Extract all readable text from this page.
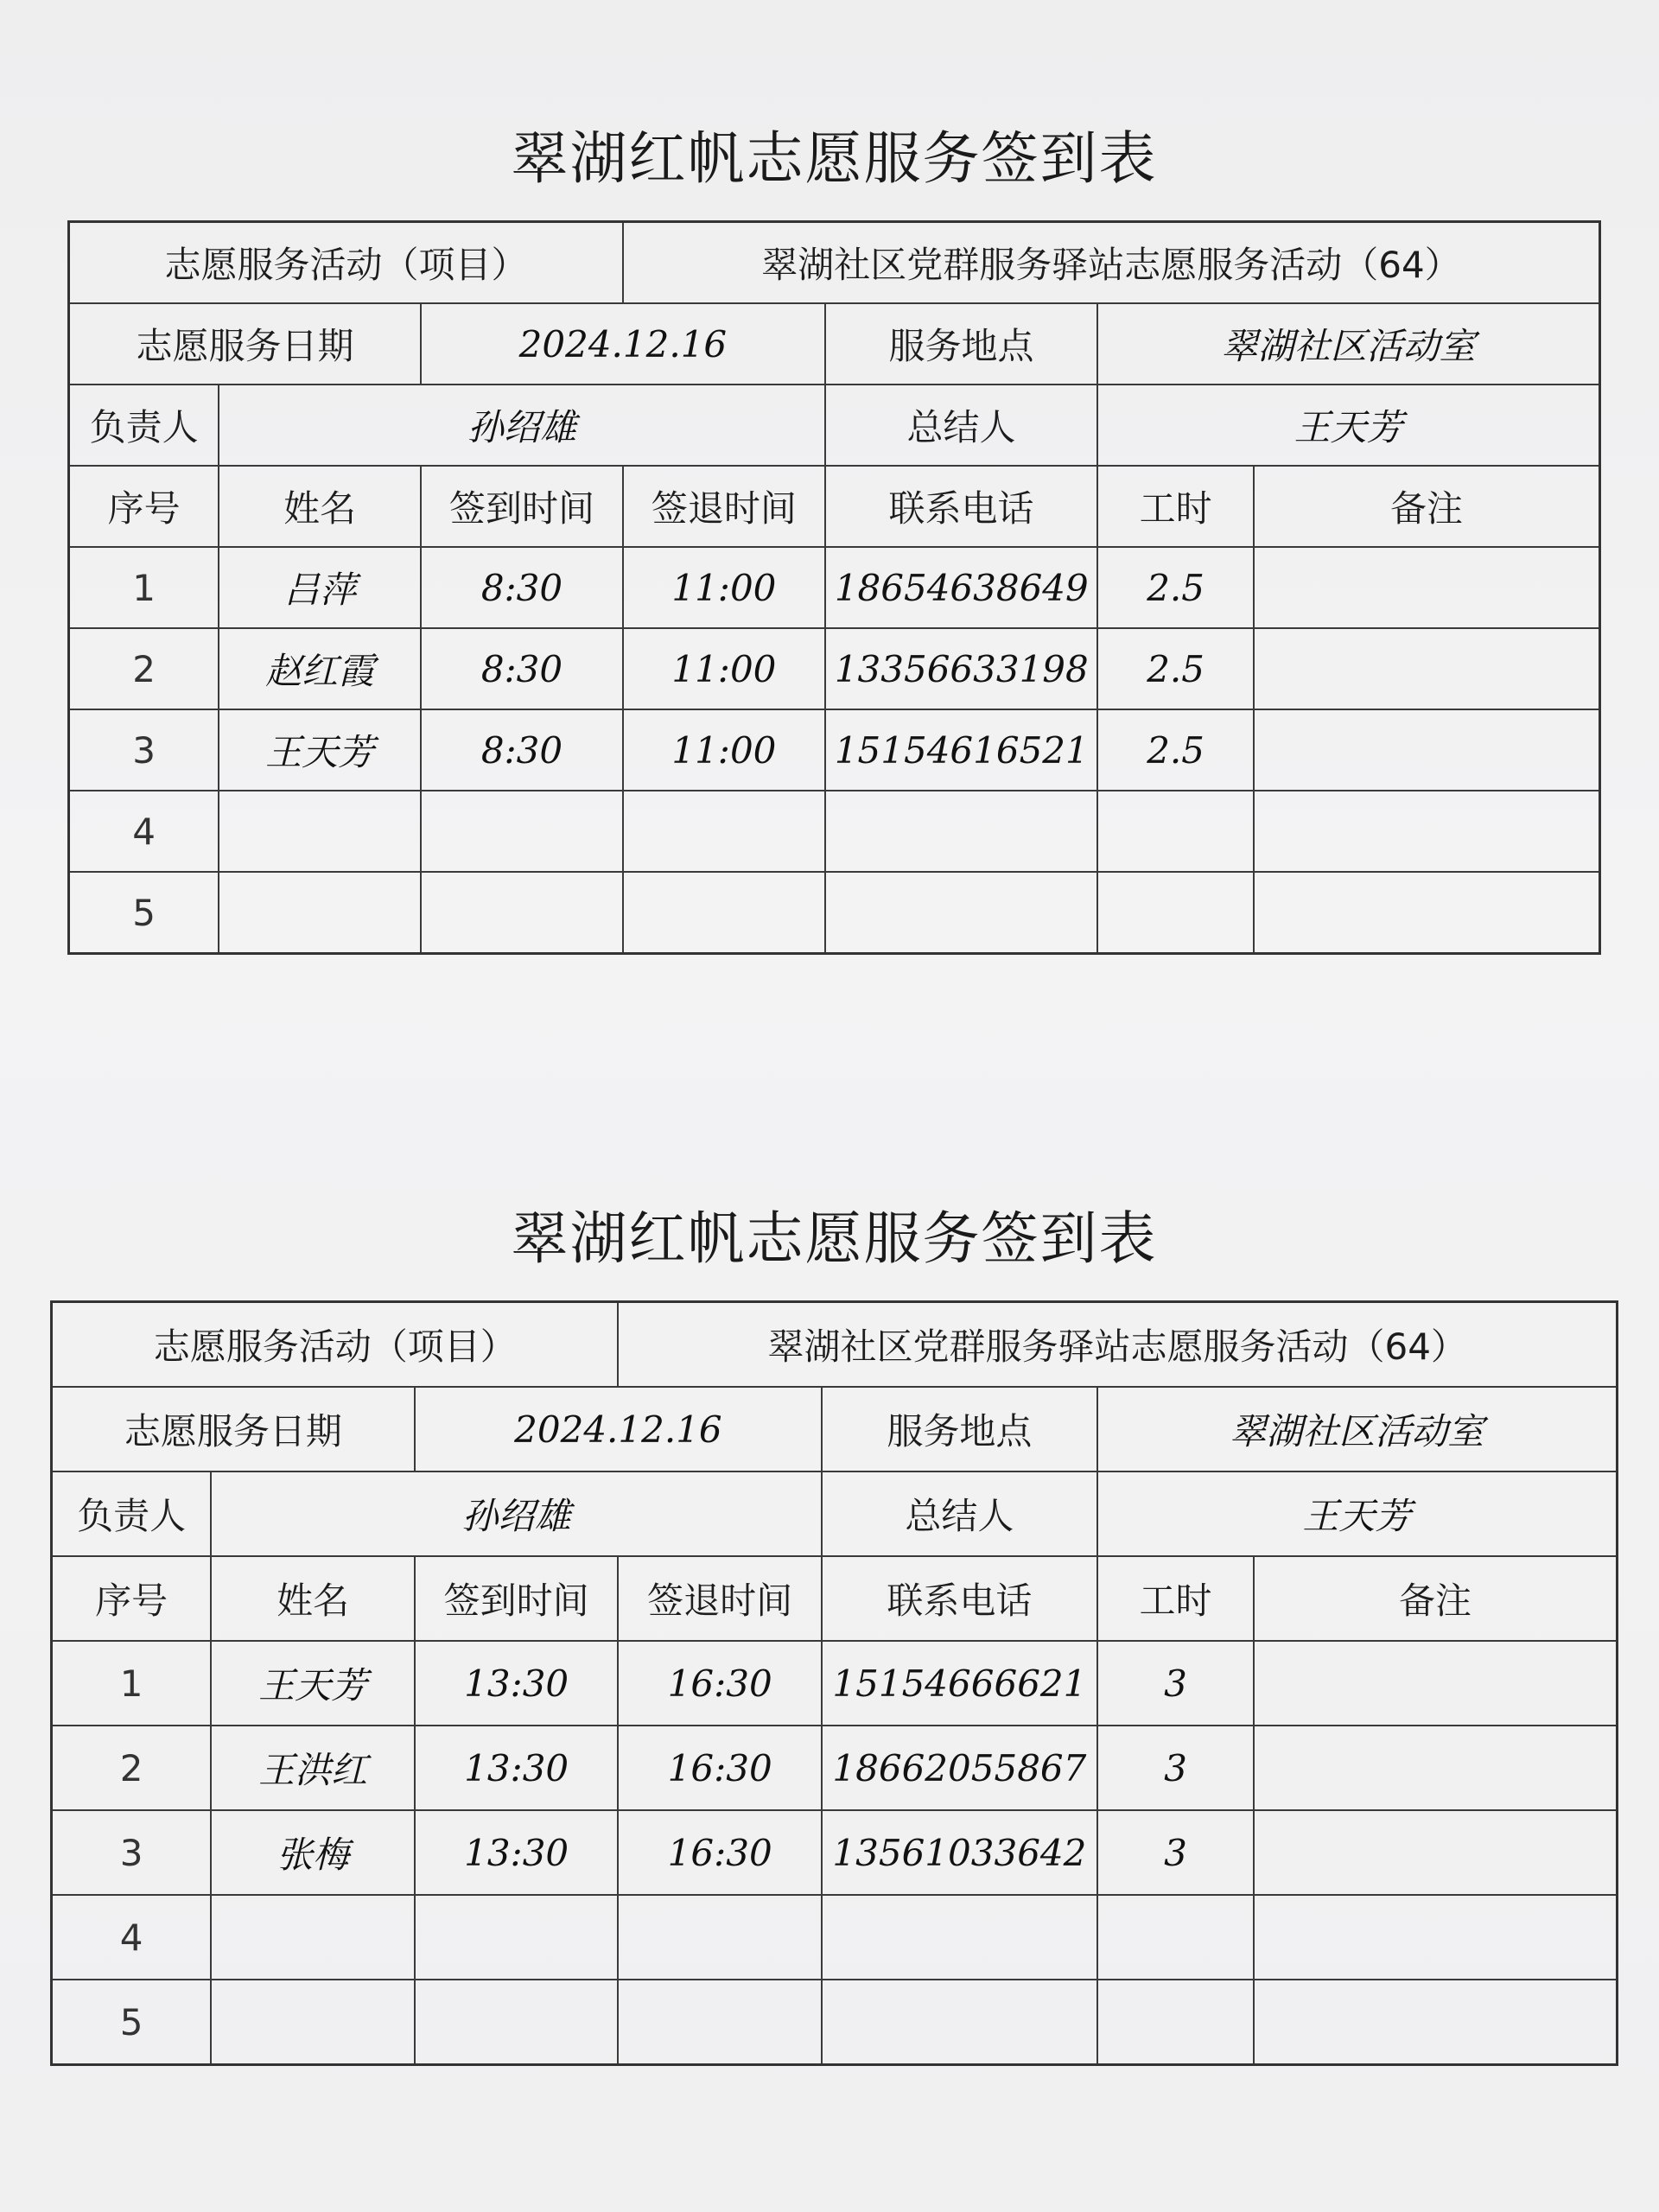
翠湖红帆志愿服务签到表
志愿服务活动（项目）			翠湖社区党群服务驿站志愿服务活动（64）			
志愿服务日期		2024.12.16		服务地点	翠湖社区活动室	
负责人	孙绍雄			总结人	王天芳	
序号	姓名	签到时间	签退时间	联系电话	工时	备注
1	吕萍	8:30	11:00	18654638649	2.5	
2	赵红霞	8:30	11:00	13356633198	2.5	
3	王天芳	8:30	11:00	15154616521	2.5	
4						
5						
翠湖红帆志愿服务签到表
志愿服务活动（项目）			翠湖社区党群服务驿站志愿服务活动（64）			
志愿服务日期		2024.12.16		服务地点	翠湖社区活动室	
负责人	孙绍雄			总结人	王天芳	
序号	姓名	签到时间	签退时间	联系电话	工时	备注
1	王天芳	13:30	16:30	15154666621	3	
2	王洪红	13:30	16:30	18662055867	3	
3	张梅	13:30	16:30	13561033642	3	
4						
5						
